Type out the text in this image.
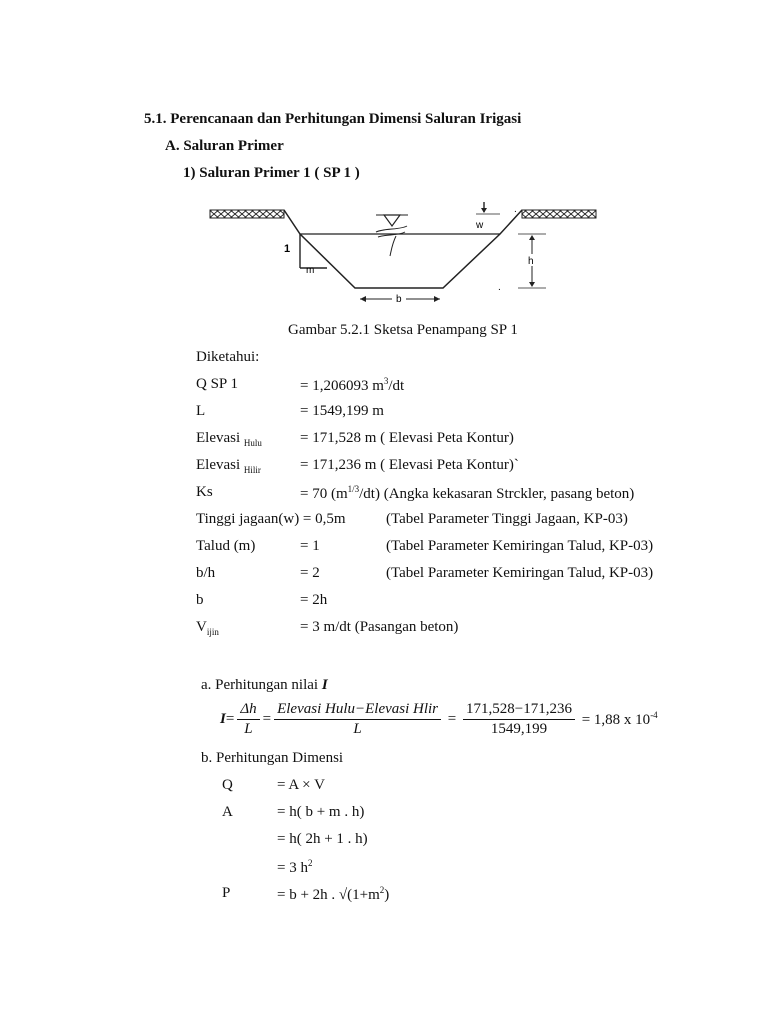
5.1. Perencanaan dan Perhitungan Dimensi Saluran Irigasi
A. Saluran Primer
1) Saluran Primer 1 ( SP 1 )
1
m
w
.
h
.
b
Gambar 5.2.1 Sketsa Penampang SP 1
Diketahui:
Q SP 1	= 1,206093 $m^3/dt$
L	= 1549,199 m
Elevasi $_{Hulu}$	= 171,528 m ( Elevasi Peta Kontur)
Elevasi $_{Hilir}$	= 171,236 m ( Elevasi Peta Kontur)`
Ks	= 70 $(m^{1/3}/dt)$ (Angka kekasaran Strckler, pasang beton)
Tinggi jagaan(w) = 0,5m	(Tabel Parameter Tinggi Jagaan, KP-03)
Talud (m)	= 1	(Tabel Parameter Kemiringan Talud, KP-03)
b/h	= 2	(Tabel Parameter Kemiringan Talud, KP-03)
b	= 2h
$V_{ijin}$	= 3 m/dt (Pasangan beton)
a. Perhitungan nilai I
$I = \frac{\Delta h}{L} = \frac{\text{Elevasi Hulu−Elevasi Hlir}}{L} = \frac{171,528-171,236}{1549,199}$
= 1,88 x $10^{-4}$
b. Perhitungan Dimensi
Q	= A × V
A	= h( b + m . h)
= h( 2h + 1 . h)
= 3 $h^2$
P	= b + 2h . $√(1+m^2)$
